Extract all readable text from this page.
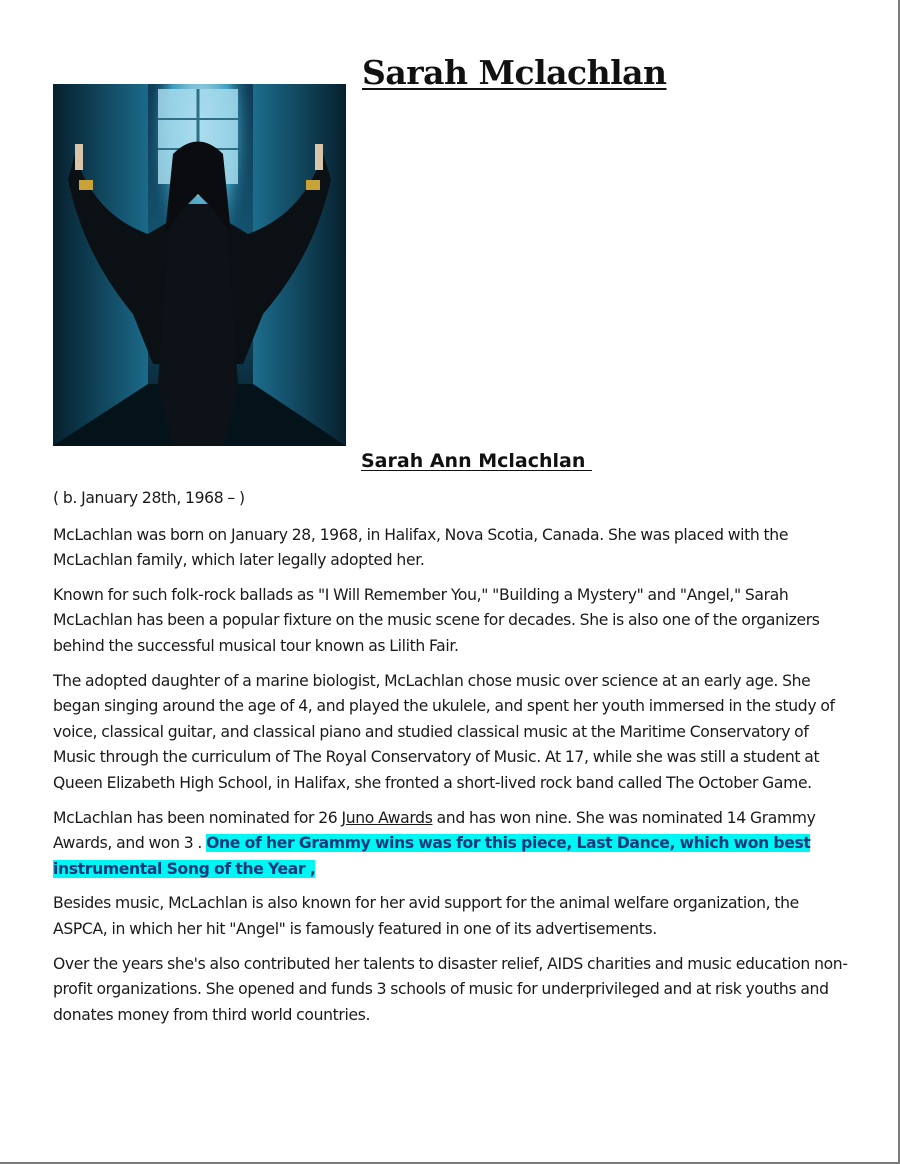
Sarah Mclachlan
Sarah Ann Mclachlan

( b. January 28th, 1968 – )

McLachlan was born on January 28, 1968, in Halifax, Nova Scotia, Canada. She was placed with the McLachlan family, which later legally adopted her.

Known for such folk-rock ballads as "I Will Remember You," "Building a Mystery" and "Angel," Sarah McLachlan has been a popular fixture on the music scene for decades. She is also one of the organizers behind the successful musical tour known as Lilith Fair.

The adopted daughter of a marine biologist, McLachlan chose music over science at an early age. She began singing around the age of 4, and played the ukulele, and spent her youth immersed in the study of voice, classical guitar, and classical piano and studied classical music at the Maritime Conservatory of Music through the curriculum of The Royal Conservatory of Music. At 17, while she was still a student at Queen Elizabeth High School, in Halifax, she fronted a short-lived rock band called The October Game.

McLachlan has been nominated for 26 Juno Awards and has won nine. She was nominated 14 Grammy Awards, and won 3 . One of her Grammy wins was for this piece, Last Dance, which won best instrumental Song of the Year ,

Besides music, McLachlan is also known for her avid support for the animal welfare organization, the ASPCA, in which her hit "Angel" is famously featured in one of its advertisements.

Over the years she's also contributed her talents to disaster relief, AIDS charities and music education non-profit organizations. She opened and funds 3 schools of music for underprivileged and at risk youths and donates money from third world countries.
